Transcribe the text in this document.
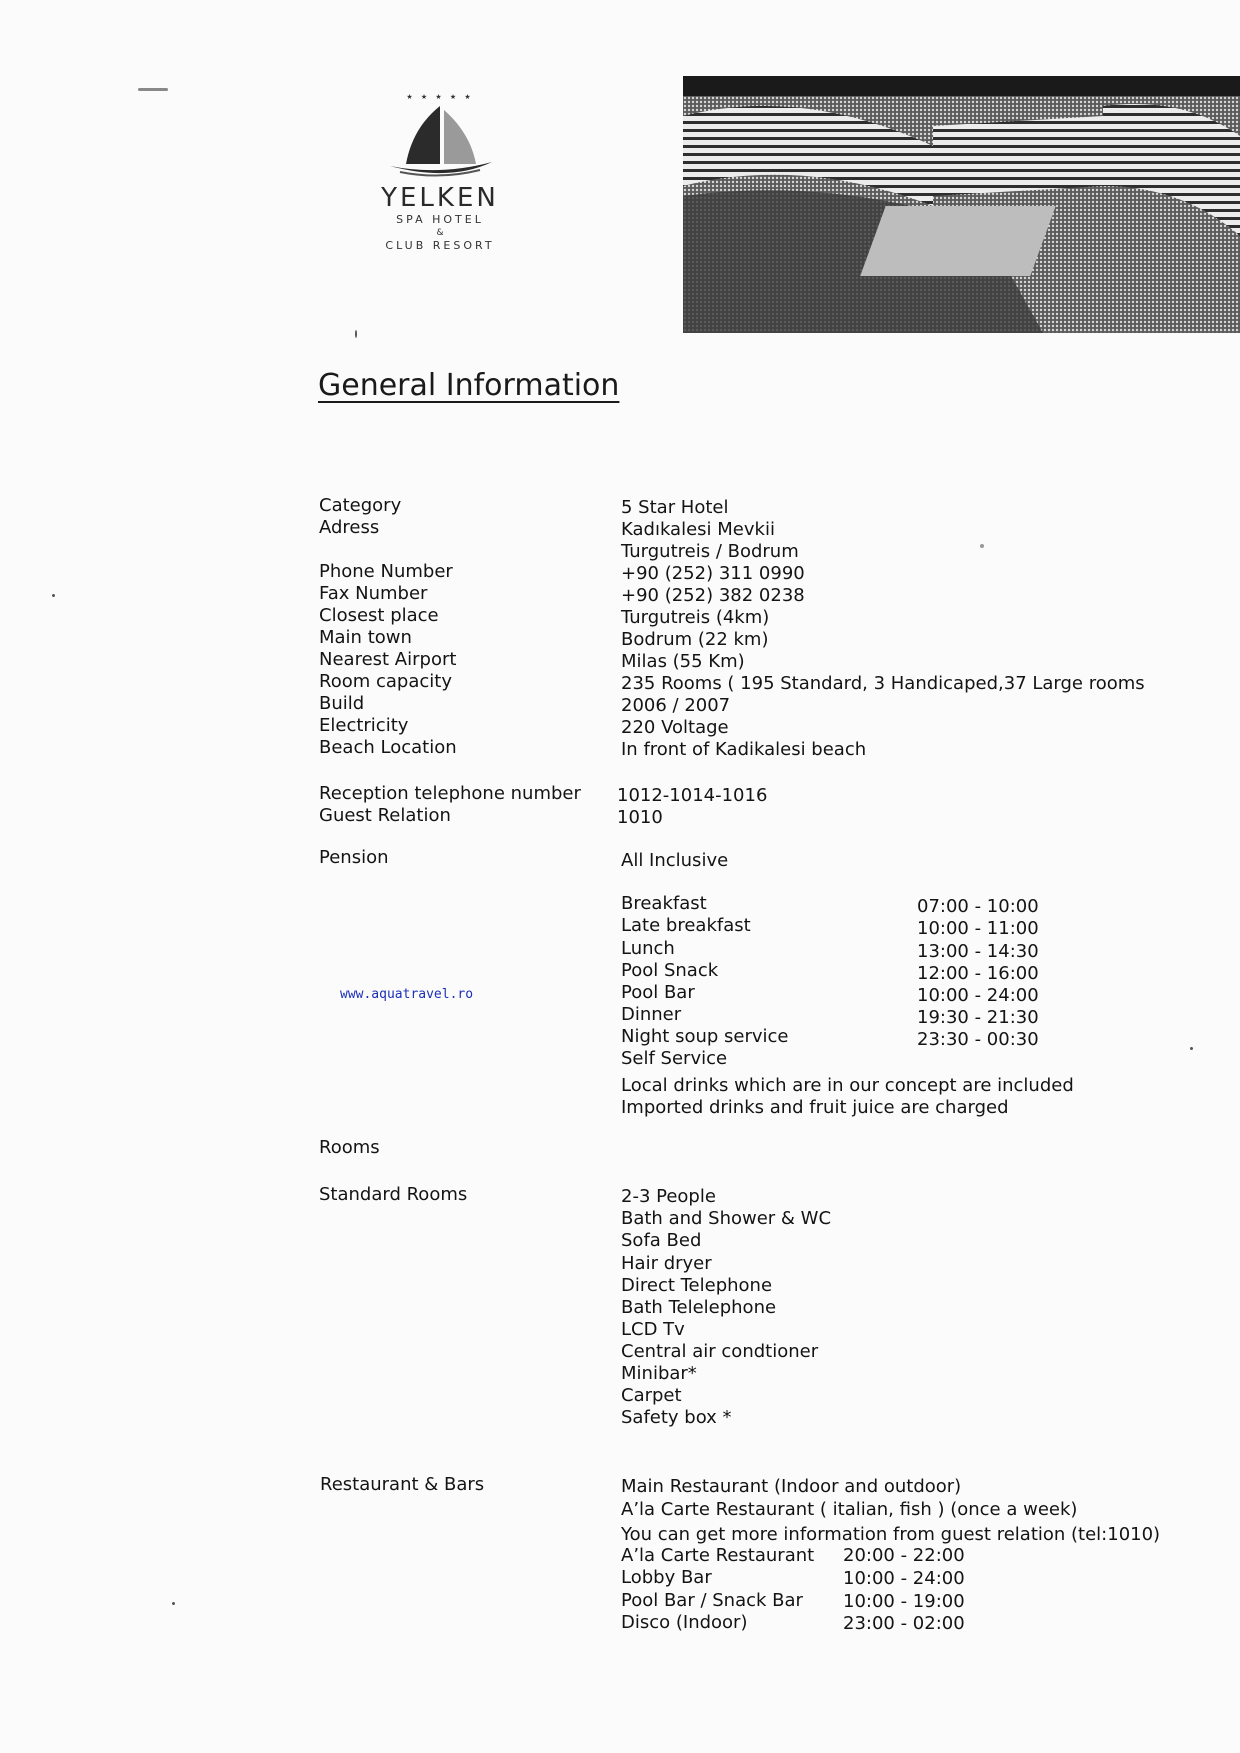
★ ★ ★ ★ ★
YELKEN
SPA HOTEL
&
CLUB RESORT
General Information
Category	5 Star Hotel
Adress	Kadıkalesi Mevkii
Turgutreis / Bodrum
Phone Number	+90 (252) 311 0990
Fax Number	+90 (252) 382 0238
Closest place	Turgutreis (4km)
Main town	Bodrum (22 km)
Nearest Airport	Milas (55 Km)
Room capacity	235 Rooms ( 195 Standard, 3 Handicaped,37 Large rooms
Build	2006 / 2007
Electricity	220 Voltage
Beach Location	In front of Kadikalesi beach
Reception telephone number 1012-1014-1016
Guest Relation	1010
Pension	All Inclusive
Breakfast	07:00 - 10:00
Late breakfast	10:00 - 11:00
Lunch	13:00 - 14:30
Pool Snack	12:00 - 16:00
Pool Bar	10:00 - 24:00
Dinner	19:30 - 21:30
Night soup service	23:30 - 00:30
Self Service
Local drinks which are in our concept are included
Imported drinks and fruit juice are charged
www.aquatravel.ro
Rooms
Standard Rooms	2-3 People
Bath and Shower & WC
Sofa Bed
Hair dryer
Direct Telephone
Bath Telelephone
LCD Tv
Central air condtioner
Minibar*
Carpet
Safety box *
Restaurant & Bars	Main Restaurant (Indoor and outdoor)
A’la Carte Restaurant ( italian, fish ) (once a week)
You can get more information from guest relation (tel:1010)
A’la Carte Restaurant 20:00 - 22:00
Lobby Bar	10:00 - 24:00
Pool Bar / Snack Bar 10:00 - 19:00
Disco (Indoor)	23:00 - 02:00
